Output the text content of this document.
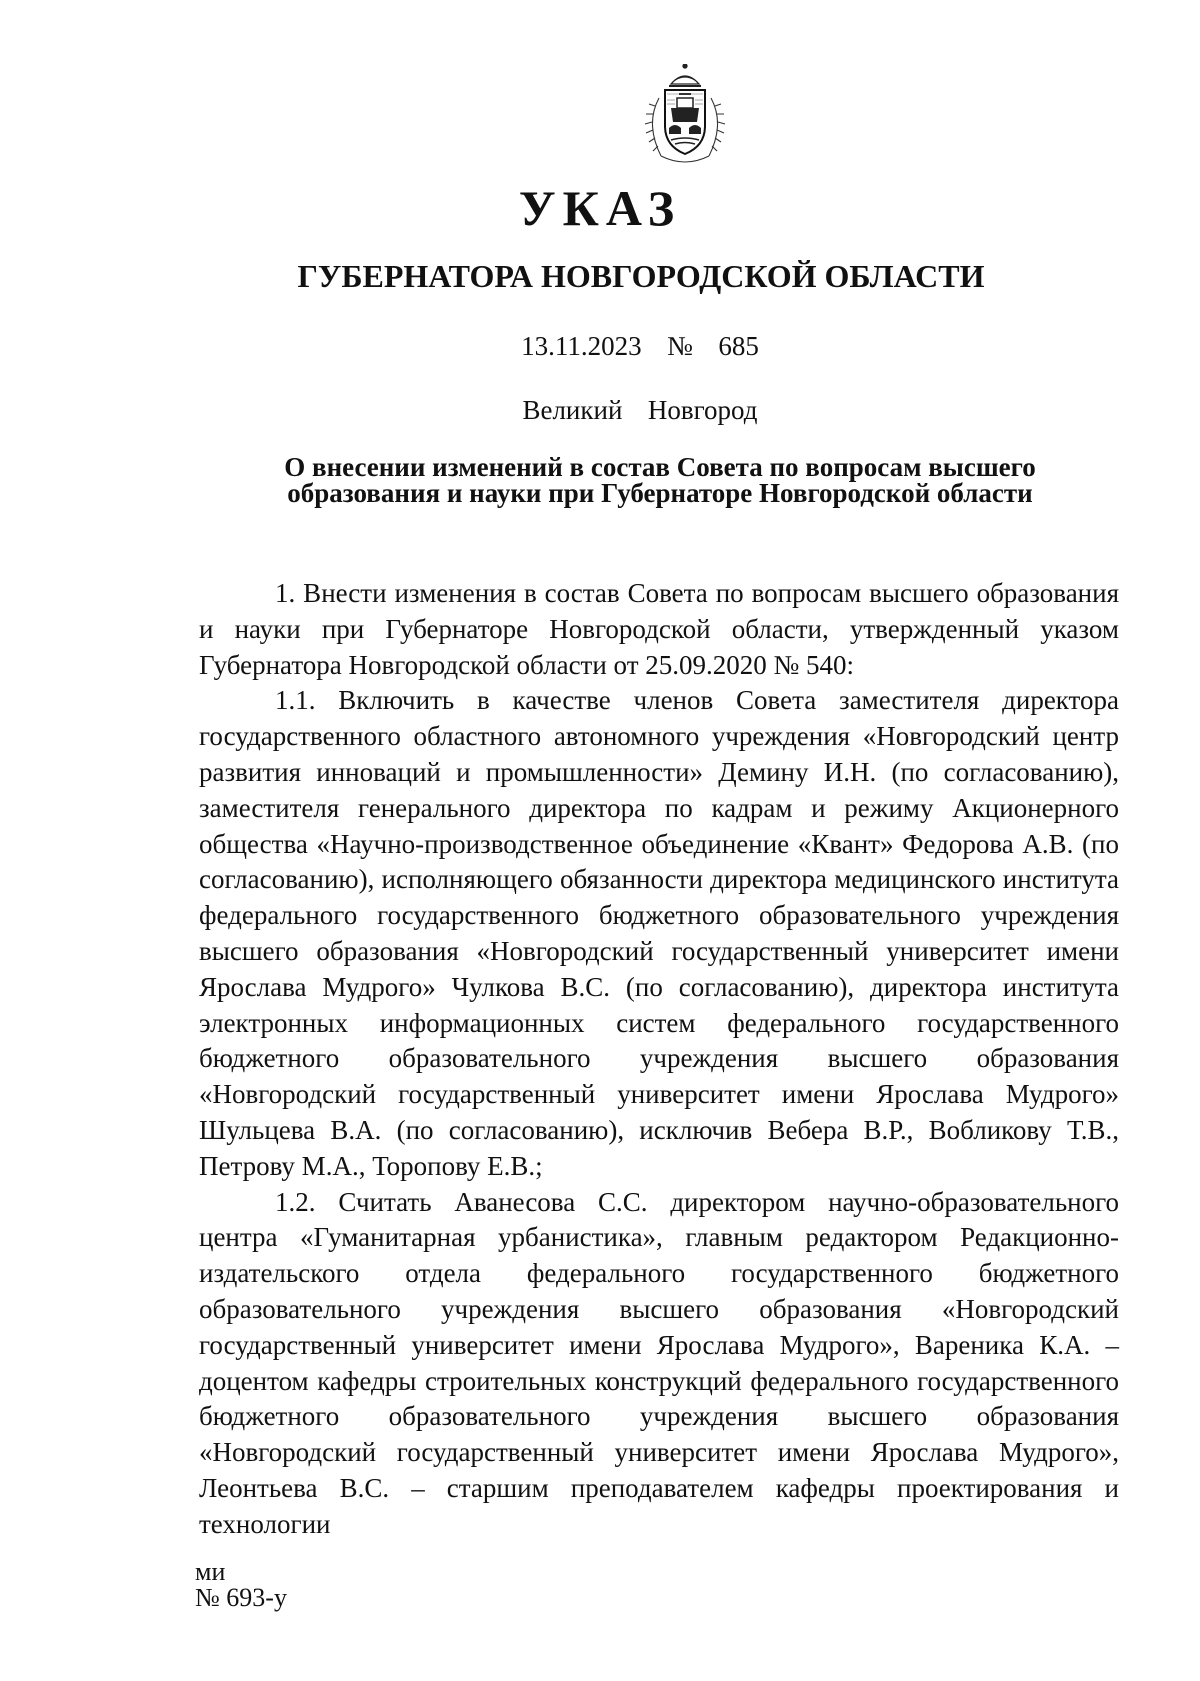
УКАЗ
ГУБЕРНАТОРА НОВГОРОДСКОЙ ОБЛАСТИ
13.11.2023  №  685
Великий  Новгород
О внесении изменений в состав Совета по вопросам высшего
образования и науки при Губернаторе Новгородской области

1. Внести изменения в состав Совета по вопросам высшего образования и науки при Губернаторе Новгородской области, утвержденный указом Губернатора Новгородской области от 25.09.2020 № 540:

1.1. Включить в качестве членов Совета заместителя директора государственного областного автономного учреждения «Новгородский центр развития инноваций и промышленности» Демину И.Н. (по согласованию), заместителя генерального директора по кадрам и режиму Акционерного общества «Научно-производственное объединение «Квант» Федорова А.В. (по согласованию), исполняющего обязанности директора медицинского института федерального государственного бюджетного образовательного учреждения высшего образования «Новгородский государственный университет имени Ярослава Мудрого» Чулкова В.С. (по согласованию), директора института электронных информационных систем федерального государственного бюджетного образовательного учреждения высшего образования «Новгородский государственный университет имени Ярослава Мудрого» Шульцева В.А. (по согласованию), исключив Вебера В.Р., Вобликову Т.В., Петрову М.А., Торопову Е.В.;

1.2. Считать Аванесова С.С. директором научно-образовательного центра «Гуманитарная урбанистика», главным редактором Редакционно-издательского отдела федерального государственного бюджетного образовательного учреждения высшего образования «Новгородский государственный университет имени Ярослава Мудрого», Вареника К.А. – доцентом кафедры строительных конструкций федерального государственного бюджетного образовательного учреждения высшего образования «Новгородский государственный университет имени Ярослава Мудрого», Леонтьева В.С. – старшим преподавателем кафедры проектирования и технологии

ми
№ 693-у
